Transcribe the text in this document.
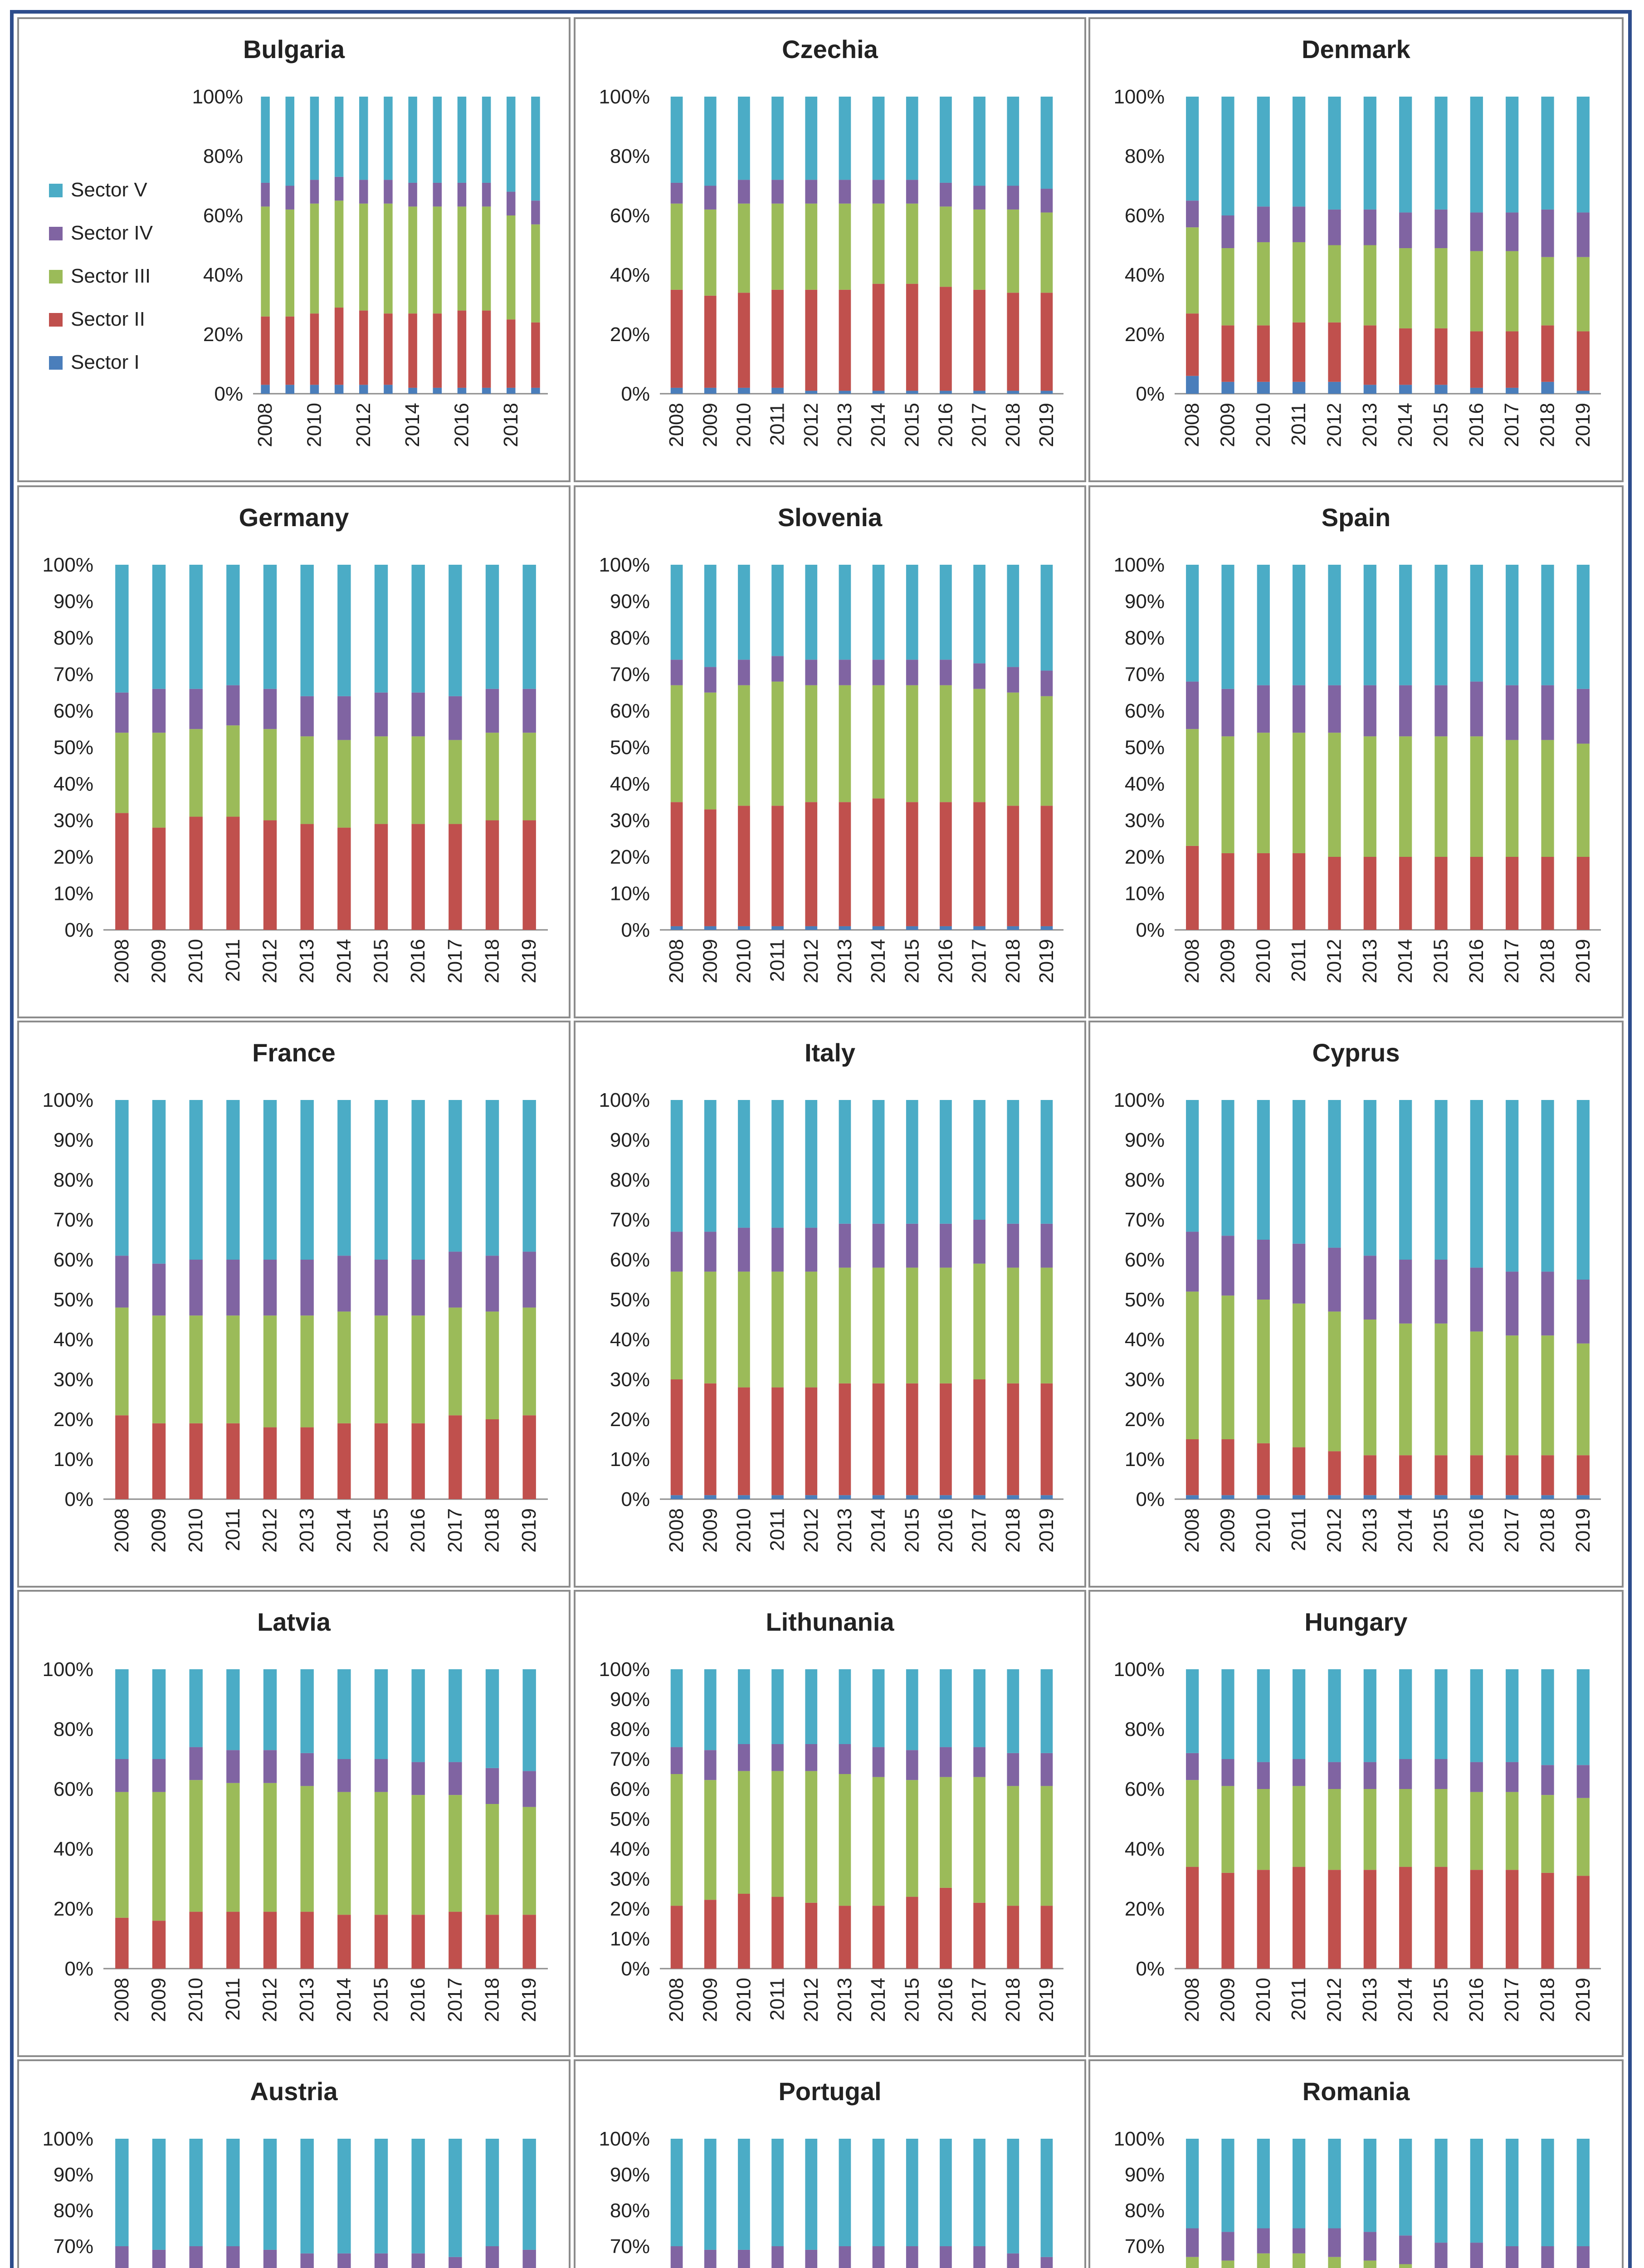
Bulgaria
0%
20%
40%
60%
80%
100%
2008 2010 2012 2014 2016 2018
Sector V
Sector IV
Sector III
Sector II
Sector I
Czechia
0%
20%
40%
60%
80%
100%
2008 2009 2010 2011 2012 2013 2014 2015 2016 2017 2018 2019
Denmark
0%
20%
40%
60%
80%
100%
2008 2009 2010 2011 2012 2013 2014 2015 2016 2017 2018 2019
Germany
0%
10%
20%
30%
40%
50%
60%
70%
80%
90%
100%
2008 2009 2010 2011 2012 2013 2014 2015 2016 2017 2018 2019
Slovenia
0%
10%
20%
30%
40%
50%
60%
70%
80%
90%
100%
2008 2009 2010 2011 2012 2013 2014 2015 2016 2017 2018 2019
Spain
0%
10%
20%
30%
40%
50%
60%
70%
80%
90%
100%
2008 2009 2010 2011 2012 2013 2014 2015 2016 2017 2018 2019
France
0%
10%
20%
30%
40%
50%
60%
70%
80%
90%
100%
2008 2009 2010 2011 2012 2013 2014 2015 2016 2017 2018 2019
Italy
0%
10%
20%
30%
40%
50%
60%
70%
80%
90%
100%
2008 2009 2010 2011 2012 2013 2014 2015 2016 2017 2018 2019
Cyprus
0%
10%
20%
30%
40%
50%
60%
70%
80%
90%
100%
2008 2009 2010 2011 2012 2013 2014 2015 2016 2017 2018 2019
Latvia
0%
20%
40%
60%
80%
100%
2008 2009 2010 2011 2012 2013 2014 2015 2016 2017 2018 2019
Lithunania
0%
10%
20%
30%
40%
50%
60%
70%
80%
90%
100%
2008 2009 2010 2011 2012 2013 2014 2015 2016 2017 2018 2019
Hungary
0%
20%
40%
60%
80%
100%
2008 2009 2010 2011 2012 2013 2014 2015 2016 2017 2018 2019
Austria
70%
80%
90%
100%
Portugal
70%
80%
90%
100%
Romania
70%
80%
90%
100%
